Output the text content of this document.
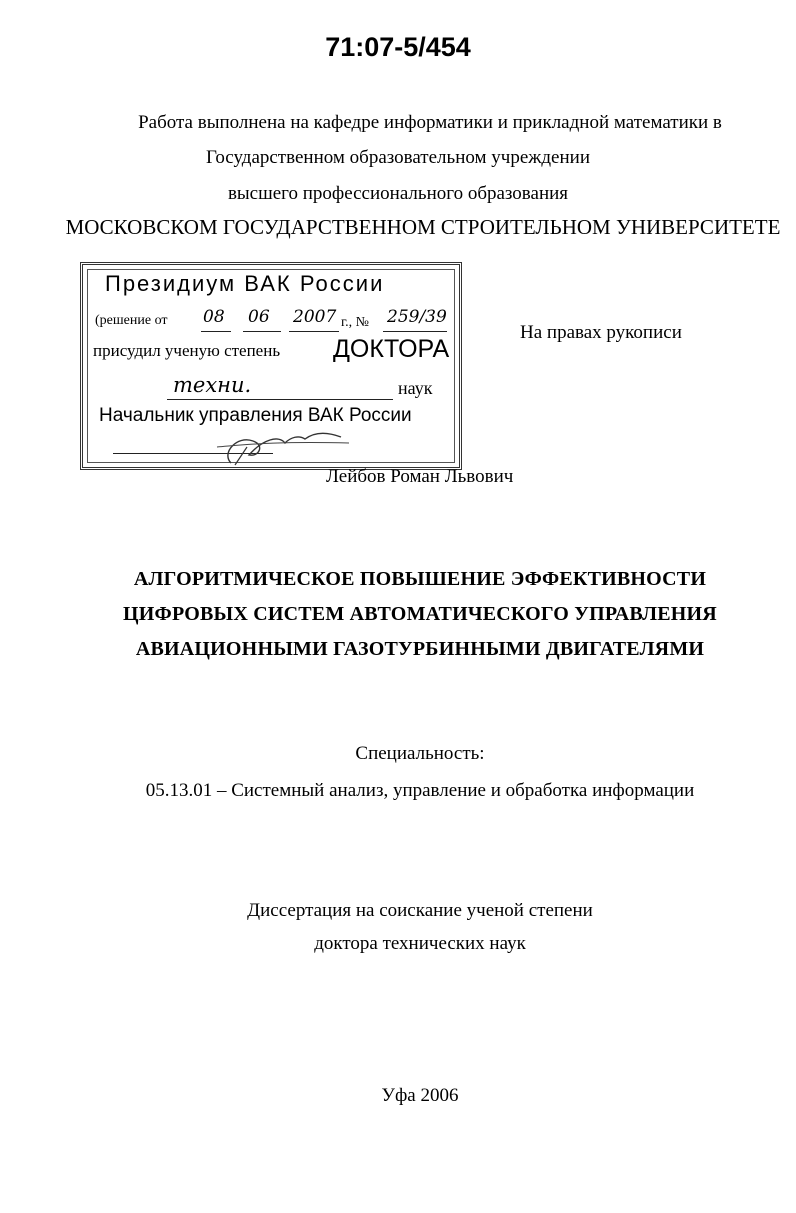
71:07-5/454
Работа выполнена на кафедре информатики и прикладной математики в
Государственном образовательном учреждении
высшего профессионального образования
МОСКОВСКОМ ГОСУДАРСТВЕННОМ СТРОИТЕЛЬНОМ УНИВЕРСИТЕТЕ
Президиум ВАК России
(решение от 08 06 2007 г., № 259/39
присудил ученую степень ДОКТОРА
техни.	наук
Начальник управления ВАК России
На правах рукописи
Лейбов Роман Львович
АЛГОРИТМИЧЕСКОЕ ПОВЫШЕНИЕ ЭФФЕКТИВНОСТИ
ЦИФРОВЫХ СИСТЕМ АВТОМАТИЧЕСКОГО УПРАВЛЕНИЯ
АВИАЦИОННЫМИ ГАЗОТУРБИННЫМИ ДВИГАТЕЛЯМИ
Специальность:
05.13.01 – Системный анализ, управление и обработка информации
Диссертация на соискание ученой степени
доктора технических наук
Уфа 2006
